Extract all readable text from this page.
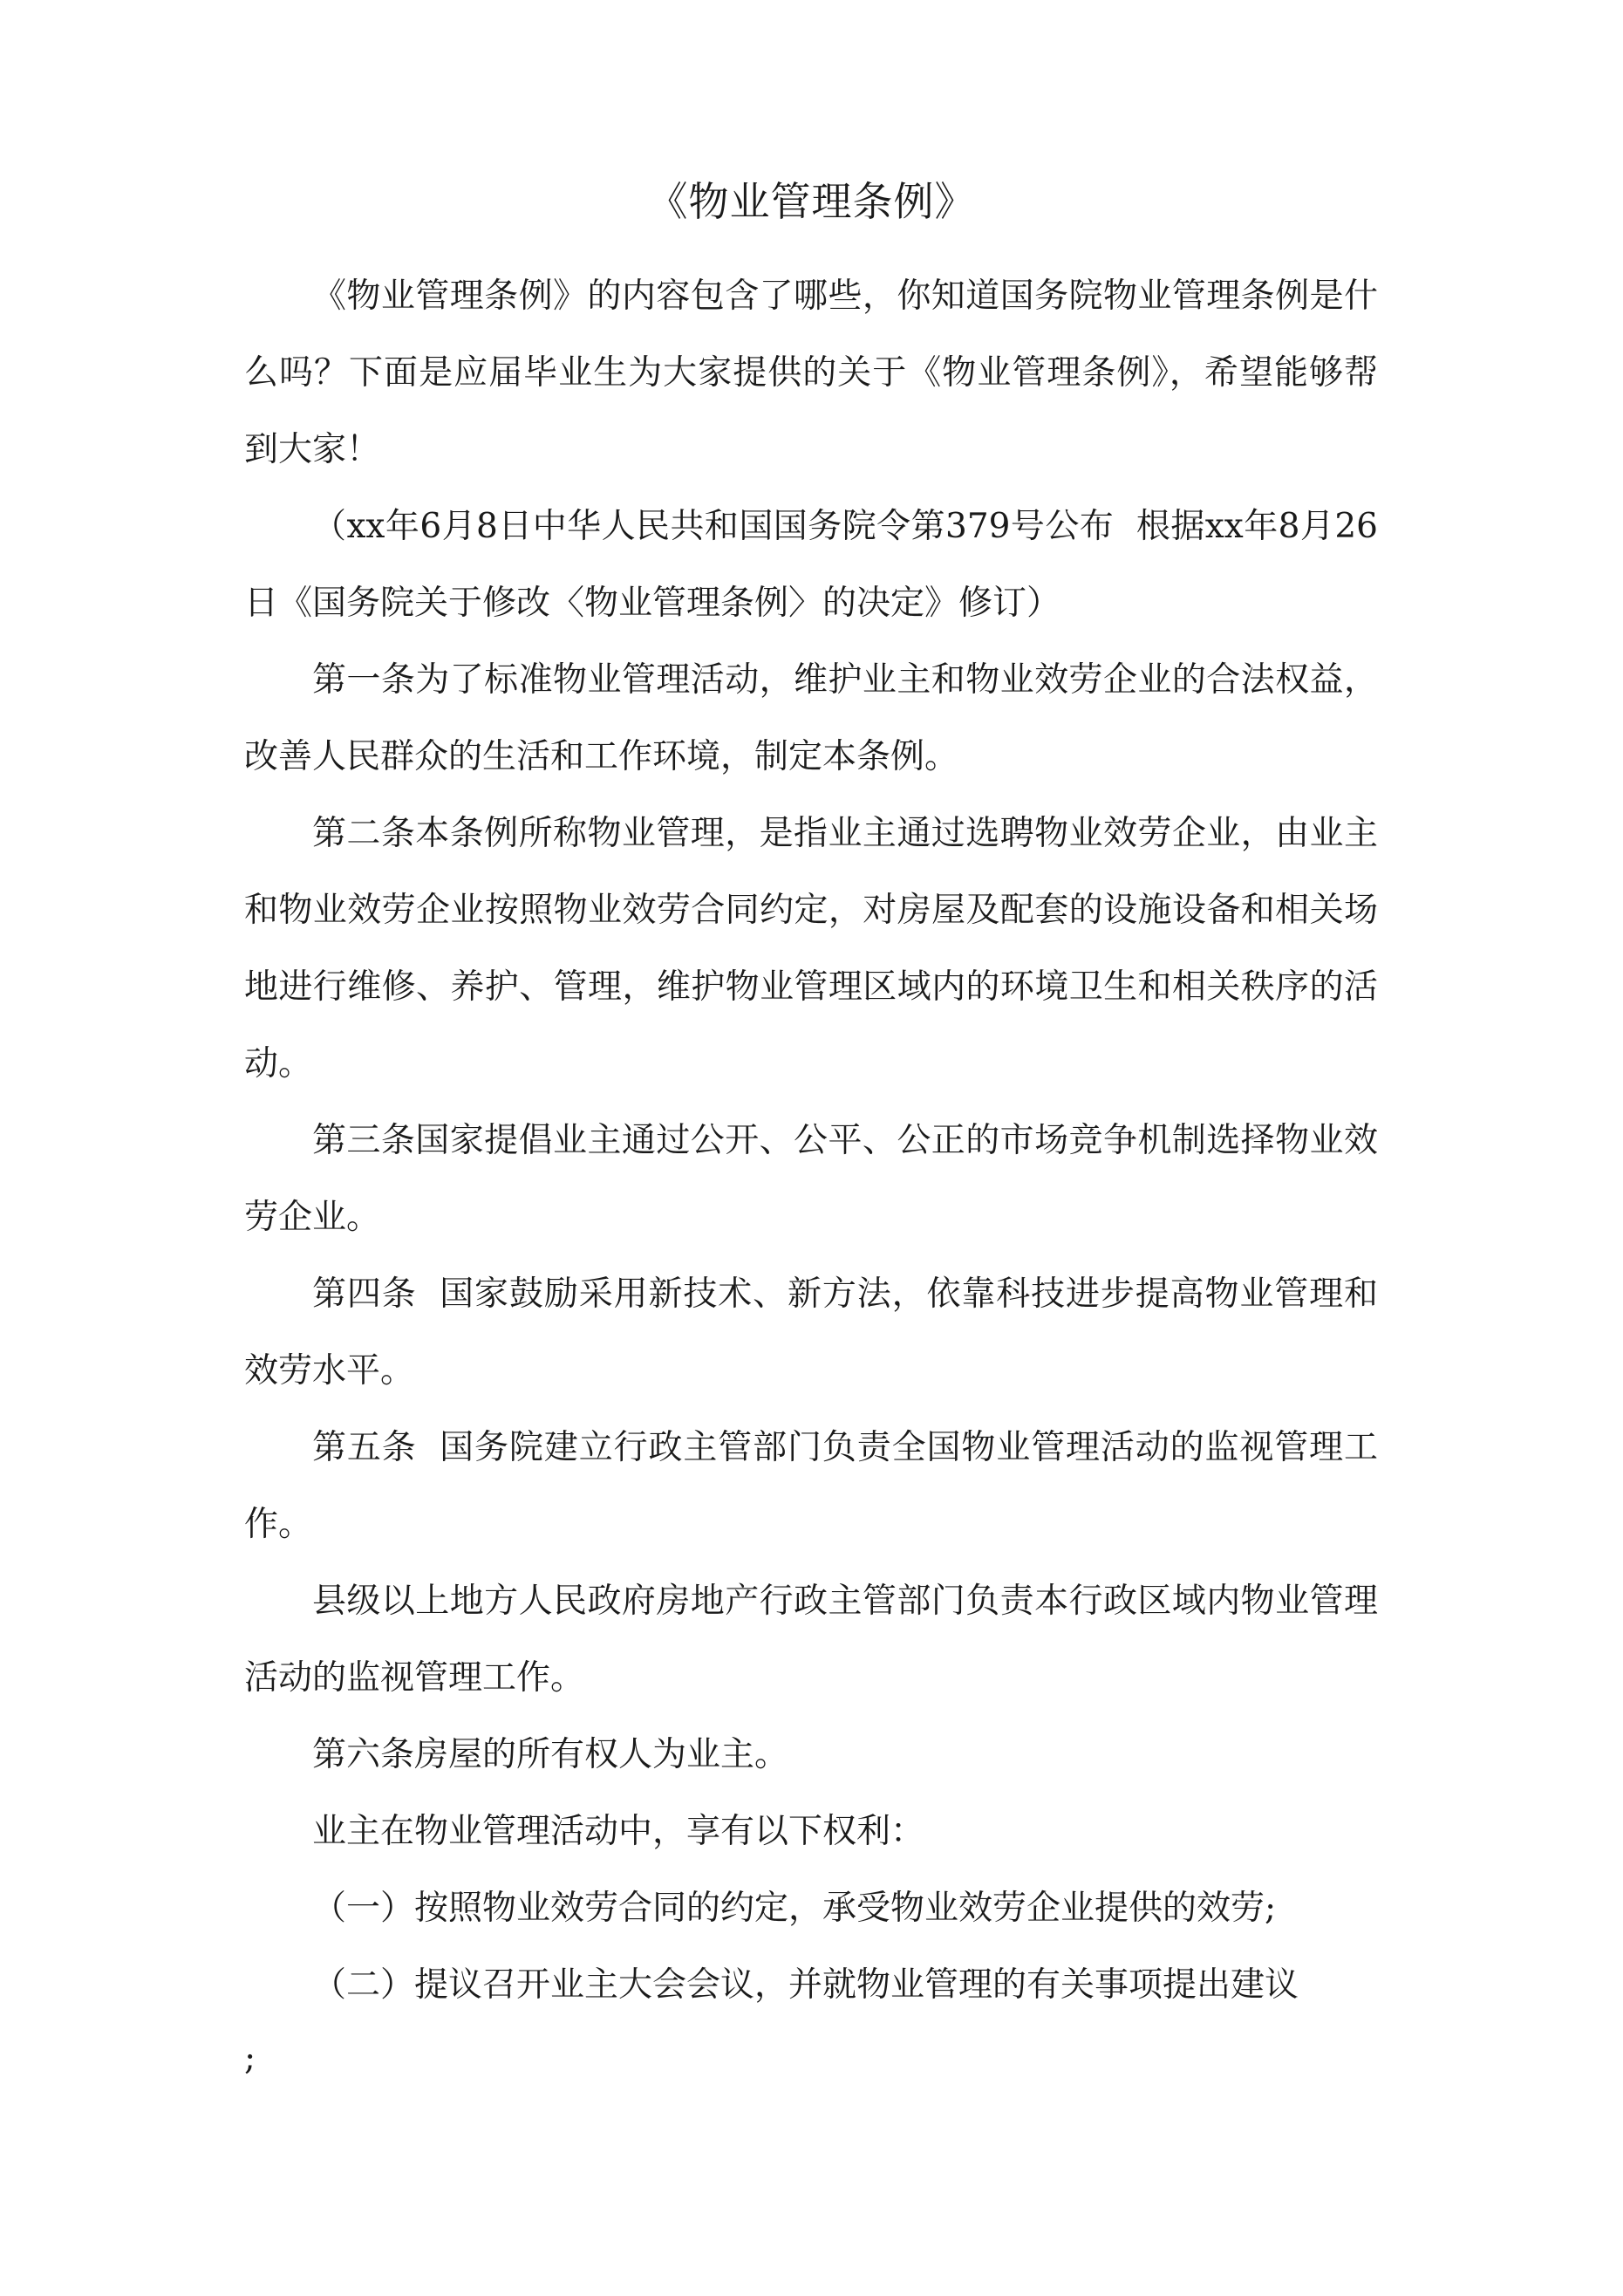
《物业管理条例》

《物业管理条例》的内容包含了哪些，你知道国务院物业管理条例是什么吗？下面是应届毕业生为大家提供的关于《物业管理条例》，希望能够帮到大家！

（xx年6月8日中华人民共和国国务院令第379号公布  根据xx年8月26日《国务院关于修改〈物业管理条例〉的决定》修订）

第一条为了标准物业管理活动，维护业主和物业效劳企业的合法权益，改善人民群众的生活和工作环境，制定本条例。

第二条本条例所称物业管理，是指业主通过选聘物业效劳企业，由业主和物业效劳企业按照物业效劳合同约定，对房屋及配套的设施设备和相关场地进行维修、养护、管理，维护物业管理区域内的环境卫生和相关秩序的活动。

第三条国家提倡业主通过公开、公平、公正的市场竞争机制选择物业效劳企业。

第四条  国家鼓励采用新技术、新方法，依靠科技进步提高物业管理和效劳水平。

第五条  国务院建立行政主管部门负责全国物业管理活动的监视管理工作。

县级以上地方人民政府房地产行政主管部门负责本行政区域内物业管理活动的监视管理工作。

第六条房屋的所有权人为业主。

业主在物业管理活动中，享有以下权利：

（一）按照物业效劳合同的约定，承受物业效劳企业提供的效劳;

（二）提议召开业主大会会议，并就物业管理的有关事项提出建议

;
